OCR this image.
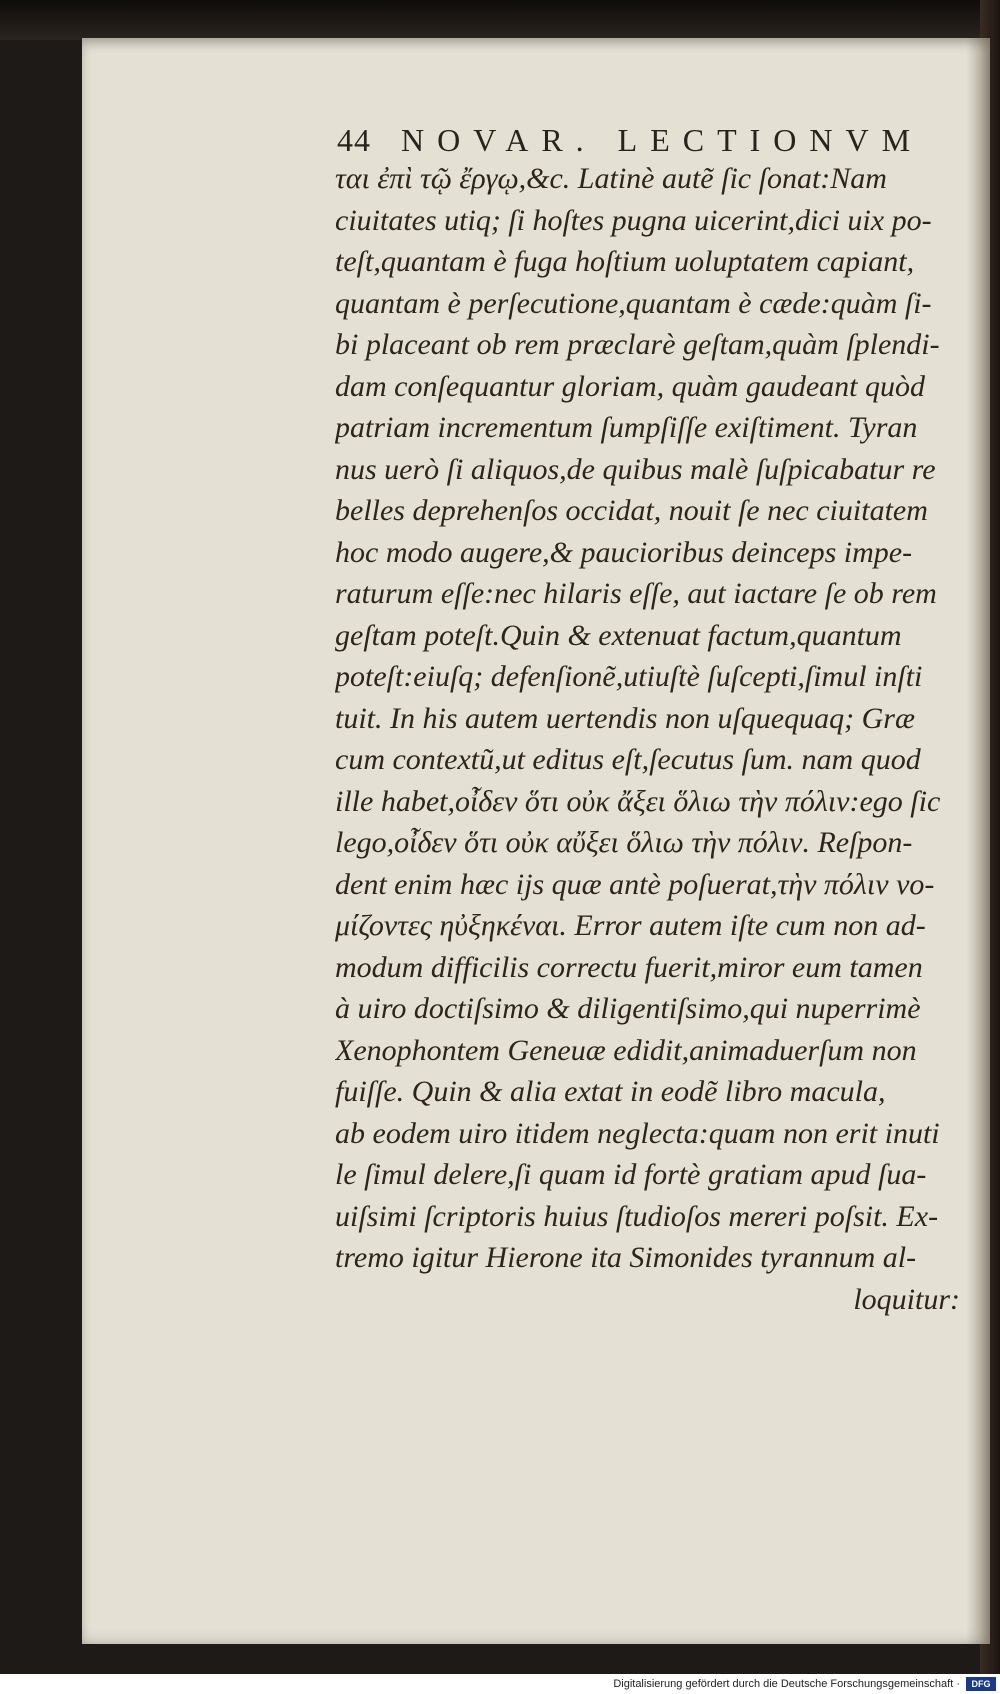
44 NOVAR. LECTIONVM
ται ἐπὶ τῷ ἔργῳ,&c. Latinè autẽ ſic ſonat:Nam
ciuitates utiq; ſi hoſtes pugna uicerint,dici uix po-
teſt,quantam è fuga hoſtium uoluptatem capiant,
quantam è perſecutione,quantam è cæde:quàm ſi-
bi placeant ob rem præclarè geſtam,quàm ſplendi-
dam conſequantur gloriam, quàm gaudeant quòd
patriam incrementum ſumpſiſſe exiſtiment. Tyran
nus uerò ſi aliquos,de quibus malè ſuſpicabatur re
belles deprehenſos occidat, nouit ſe nec ciuitatem
hoc modo augere,& paucioribus deinceps impe-
raturum eſſe:nec hilaris eſſe, aut iactare ſe ob rem
geſtam poteſt.Quin & extenuat factum,quantum
poteſt:eiuſq; defenſionẽ,utiuſtè ſuſcepti,ſimul inſti
tuit. In his autem uertendis non uſquequaq; Græ
cum contextũ,ut editus eſt,ſecutus ſum. nam quod
ille habet,οἶδεν ὅτι οὐκ ἄξει ὅλιω τὴν πόλιν:ego ſic
lego,οἶδεν ὅτι οὐκ αὔξει ὅλιω τὴν πόλιν. Reſpon-
dent enim hæc ijs quæ antè poſuerat,τὴν πόλιν νο-
μίζοντες ηὐξηκέναι. Error autem iſte cum non ad-
modum difficilis correctu fuerit,miror eum tamen
à uiro doctiſsimo & diligentiſsimo,qui nuperrimè
Xenophontem Geneuæ edidit,animaduerſum non
fuiſſe. Quin & alia extat in eodẽ libro macula,
ab eodem uiro itidem neglecta:quam non erit inuti
le ſimul delere,ſi quam id fortè gratiam apud ſua-
uiſsimi ſcriptoris huius ſtudioſos mereri poſsit. Ex-
tremo igitur Hierone ita Simonides tyrannum al-
loquitur:
Digitalisierung gefördert durch die Deutsche Forschungsgemeinschaft ·	DFG
